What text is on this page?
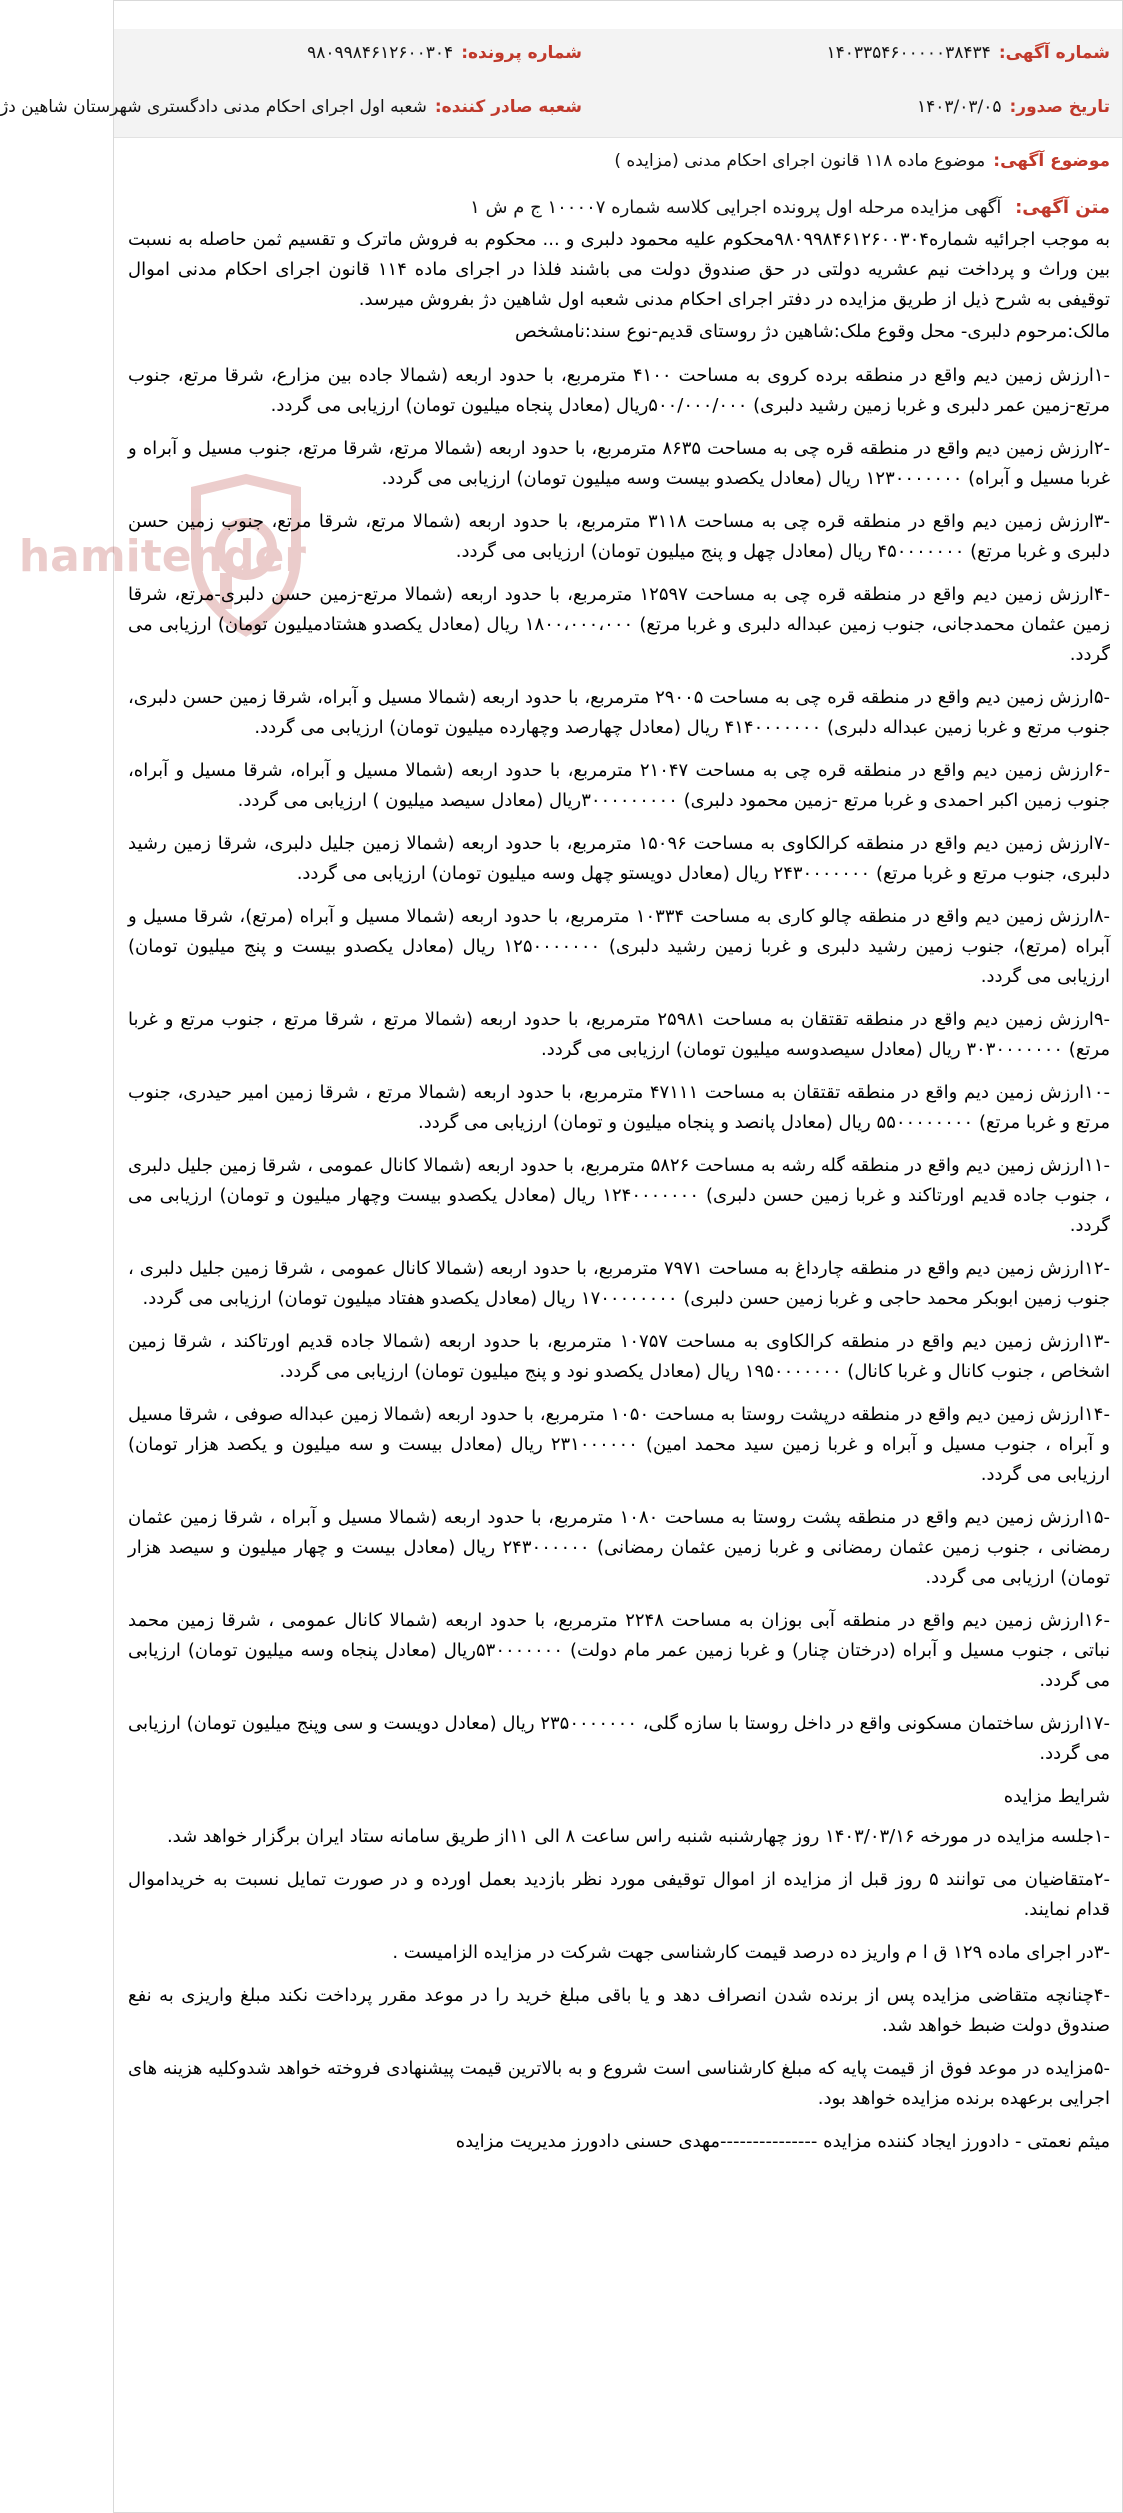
شماره آگهی:
۱۴۰۳۳۵۴۶۰۰۰۰۰۳۸۴۳۴
شماره پرونده:
۹۸۰۹۹۸۴۶۱۲۶۰۰۳۰۴
تاریخ صدور:
۱۴۰۳/۰۳/۰۵
شعبه صادر کننده:
شعبه اول اجرای احکام مدنی دادگستری شهرستان شاهین دژ
موضوع آگهی:
موضوع ماده ۱۱۸ قانون اجرای احکام مدنی (مزایده )
hamitender

متن آگهی: آگهی مزایده مرحله اول پرونده اجرایی کلاسه شماره ۱۰۰۰۰۷ ج م ش ۱

به موجب اجرائیه شماره۹۸۰۹۹۸۴۶۱۲۶۰۰۳۰۴محکوم علیه محمود دلبری و ... محکوم به فروش ماترک و تقسیم ثمن حاصله به نسبت بین وراث و پرداخت نیم عشریه دولتی در حق صندوق دولت می باشند فلذا در اجرای ماده ۱۱۴ قانون اجرای احکام مدنی اموال توقیفی به شرح ذیل از طریق مزایده در دفتر اجرای احکام مدنی شعبه اول شاهین دژ بفروش میرسد.

مالک:مرحوم دلبری- محل وقوع ملک:شاهین دژ روستای قدیم-نوع سند:نامشخص

-۱ارزش زمین دیم واقع در منطقه برده کروی به مساحت ۴۱۰۰ مترمربع، با حدود اربعه (شمالا جاده بین مزارع، شرقا مرتع، جنوب مرتع-زمین عمر دلبری و غربا زمین رشید دلبری) ۵۰۰/۰۰۰/۰۰۰ریال (معادل پنجاه میلیون تومان) ارزیابی می گردد.

-۲ارزش زمین دیم واقع در منطقه قره چی به مساحت ۸۶۳۵ مترمربع، با حدود اربعه (شمالا مرتع، شرقا مرتع، جنوب مسیل و آبراه و غربا مسیل و آبراه) ۱۲۳۰۰۰۰۰۰۰ ریال (معادل یکصدو بیست وسه میلیون تومان) ارزیابی می گردد.

-۳ارزش زمین دیم واقع در منطقه قره چی به مساحت ۳۱۱۸ مترمربع، با حدود اربعه (شمالا مرتع، شرقا مرتع، جنوب زمین حسن دلبری و غربا مرتع) ۴۵۰۰۰۰۰۰۰ ریال (معادل چهل و پنج میلیون تومان) ارزیابی می گردد.

-۴ارزش زمین دیم واقع در منطقه قره چی به مساحت ۱۲۵۹۷ مترمربع، با حدود اربعه (شمالا مرتع-زمین حسن دلبری-مرتع، شرقا زمین عثمان محمدجانی، جنوب زمین عبداله دلبری و غربا مرتع) ۱۸۰۰،۰۰۰،۰۰۰ ریال (معادل یکصدو هشتادمیلیون تومان) ارزیابی می گردد.

-۵ارزش زمین دیم واقع در منطقه قره چی به مساحت ۲۹۰۰۵ مترمربع، با حدود اربعه (شمالا مسیل و آبراه، شرقا زمین حسن دلبری، جنوب مرتع و غربا زمین عبداله دلبری) ۴۱۴۰۰۰۰۰۰۰ ریال (معادل چهارصد وچهارده میلیون تومان) ارزیابی می گردد.

-۶ارزش زمین دیم واقع در منطقه قره چی به مساحت ۲۱۰۴۷ مترمربع، با حدود اربعه (شمالا مسیل و آبراه، شرقا مسیل و آبراه، جنوب زمین اکبر احمدی و غربا مرتع -زمین محمود دلبری) ۳۰۰۰۰۰۰۰۰۰ریال (معادل سیصد میلیون ) ارزیابی می گردد.

-۷ارزش زمین دیم واقع در منطقه کرالکاوی به مساحت ۱۵۰۹۶ مترمربع، با حدود اربعه (شمالا زمین جلیل دلبری، شرقا زمین رشید دلبری، جنوب مرتع و غربا مرتع) ۲۴۳۰۰۰۰۰۰۰ ریال (معادل دویستو چهل وسه میلیون تومان) ارزیابی می گردد.

-۸ارزش زمین دیم واقع در منطقه چالو کاری به مساحت ۱۰۳۳۴ مترمربع، با حدود اربعه (شمالا مسیل و آبراه (مرتع)، شرقا مسیل و آبراه (مرتع)، جنوب زمین رشید دلبری و غربا زمین رشید دلبری) ۱۲۵۰۰۰۰۰۰۰ ریال (معادل یکصدو بیست و پنج میلیون تومان) ارزیابی می گردد.

-۹ارزش زمین دیم واقع در منطقه تقتقان به مساحت ۲۵۹۸۱ مترمربع، با حدود اربعه (شمالا مرتع ، شرقا مرتع ، جنوب مرتع و غربا مرتع) ۳۰۳۰۰۰۰۰۰۰ ریال (معادل سیصدوسه میلیون تومان) ارزیابی می گردد.

-۱۰ارزش زمین دیم واقع در منطقه تقتقان به مساحت ۴۷۱۱۱ مترمربع، با حدود اربعه (شمالا مرتع ، شرقا زمین امیر حیدری، جنوب مرتع و غربا مرتع) ۵۵۰۰۰۰۰۰۰۰ ریال (معادل پانصد و پنجاه میلیون و تومان) ارزیابی می گردد.

-۱۱ارزش زمین دیم واقع در منطقه گله رشه به مساحت ۵۸۲۶ مترمربع، با حدود اربعه (شمالا کانال عمومی ، شرقا زمین جلیل دلبری ، جنوب جاده قدیم اورتاکند و غربا زمین حسن دلبری) ۱۲۴۰۰۰۰۰۰۰ ریال (معادل یکصدو بیست وچهار میلیون و تومان) ارزیابی می گردد.

-۱۲ارزش زمین دیم واقع در منطقه چارداغ به مساحت ۷۹۷۱ مترمربع، با حدود اربعه (شمالا کانال عمومی ، شرقا زمین جلیل دلبری ، جنوب زمین ابوبکر محمد حاجی و غربا زمین حسن دلبری) ۱۷۰۰۰۰۰۰۰۰ ریال (معادل یکصدو هفتاد میلیون تومان) ارزیابی می گردد.

-۱۳ارزش زمین دیم واقع در منطقه کرالکاوی به مساحت ۱۰۷۵۷ مترمربع، با حدود اربعه (شمالا جاده قدیم اورتاکند ، شرقا زمین اشخاص ، جنوب کانال و غربا کانال) ۱۹۵۰۰۰۰۰۰۰ ریال (معادل یکصدو نود و پنج میلیون تومان) ارزیابی می گردد.

-۱۴ارزش زمین دیم واقع در منطقه درپشت روستا به مساحت ۱۰۵۰ مترمربع، با حدود اربعه (شمالا زمین عبداله صوفی ، شرقا مسیل و آبراه ، جنوب مسیل و آبراه و غربا زمین سید محمد امین) ۲۳۱۰۰۰۰۰۰ ریال (معادل بیست و سه میلیون و یکصد هزار تومان) ارزیابی می گردد.

-۱۵ارزش زمین دیم واقع در منطقه پشت روستا به مساحت ۱۰۸۰ مترمربع، با حدود اربعه (شمالا مسیل و آبراه ، شرقا زمین عثمان رمضانی ، جنوب زمین عثمان رمضانی و غربا زمین عثمان رمضانی) ۲۴۳۰۰۰۰۰۰ ریال (معادل بیست و چهار میلیون و سیصد هزار تومان) ارزیابی می گردد.

-۱۶ارزش زمین دیم واقع در منطقه آبی بوزان به مساحت ۲۲۴۸ مترمربع، با حدود اربعه (شمالا کانال عمومی ، شرقا زمین محمد نباتی ، جنوب مسیل و آبراه (درختان چنار) و غربا زمین عمر مام دولت) ۵۳۰۰۰۰۰۰۰ریال (معادل پنجاه وسه میلیون تومان) ارزیابی می گردد.

-۱۷ارزش ساختمان مسکونی واقع در داخل روستا با سازه گلی، ۲۳۵۰۰۰۰۰۰۰ ریال (معادل دویست و سی وپنج میلیون تومان) ارزیابی می گردد.

شرایط مزایده

-۱جلسه مزایده در مورخه ۱۴۰۳/۰۳/۱۶ روز چهارشنبه شنبه راس ساعت ۸ الی ۱۱از طریق سامانه ستاد ایران برگزار خواهد شد.

-۲متقاضیان می توانند ۵ روز قبل از مزایده از اموال توقیفی مورد نظر بازدید بعمل اورده و در صورت تمایل نسبت به خریداموال قدام نمایند.

-۳در اجرای ماده ۱۲۹ ق ا م واریز ده درصد قیمت کارشناسی جهت شرکت در مزایده الزامیست .

-۴چنانچه متقاضی مزایده پس از برنده شدن انصراف دهد و یا باقی مبلغ خرید را در موعد مقرر پرداخت نکند مبلغ واریزی به نفع صندوق دولت ضبط خواهد شد.

-۵مزایده در موعد فوق از قیمت پایه که مبلغ کارشناسی است شروع و به بالاترین قیمت پیشنهادی فروخته خواهد شدوکلیه هزینه های اجرایی برعهده برنده مزایده خواهد بود.

میثم نعمتی - دادورز ایجاد کننده مزایده ---------------مهدی حسنی دادورز مدیریت مزایده
